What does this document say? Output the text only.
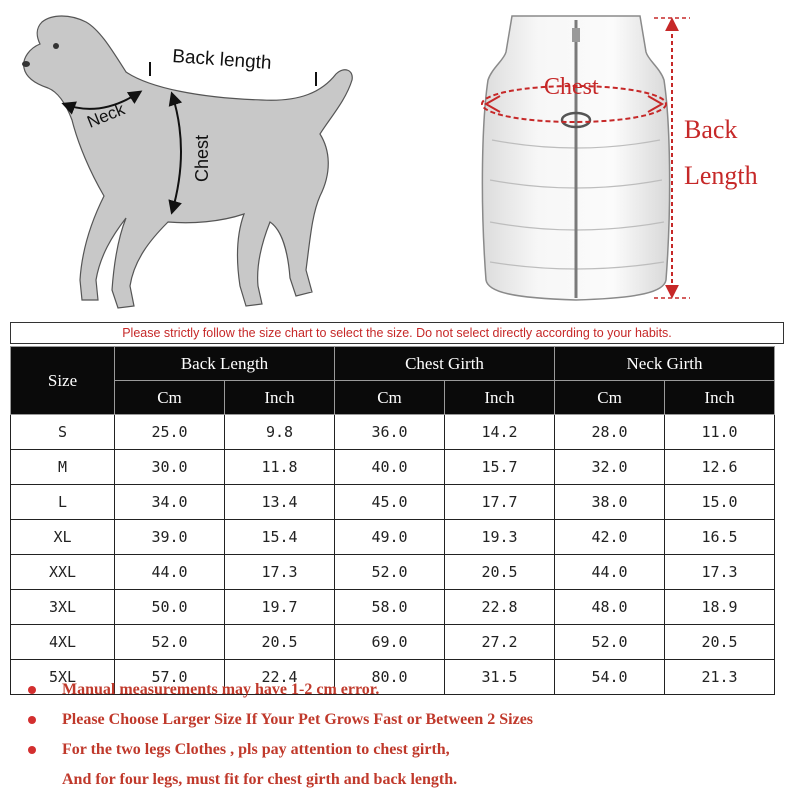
Back length
Neck
Chest
Chest
Back
Length
Please strictly follow the size chart to select the size. Do not select directly according to your habits.
Size	Back Length		Chest Girth		Neck Girth	
	Cm	Inch	Cm	Inch	Cm	Inch
S	25.0	9.8	36.0	14.2	28.0	11.0
M	30.0	11.8	40.0	15.7	32.0	12.6
L	34.0	13.4	45.0	17.7	38.0	15.0
XL	39.0	15.4	49.0	19.3	42.0	16.5
XXL	44.0	17.3	52.0	20.5	44.0	17.3
3XL	50.0	19.7	58.0	22.8	48.0	18.9
4XL	52.0	20.5	69.0	27.2	52.0	20.5
5XL	57.0	22.4	80.0	31.5	54.0	21.3
Manual measurements may have 1-2 cm error.
Please Choose Larger Size If Your Pet Grows Fast or Between 2 Sizes
For the two legs Clothes , pls pay attention to chest girth,
And for four legs, must fit for chest girth and back length.
